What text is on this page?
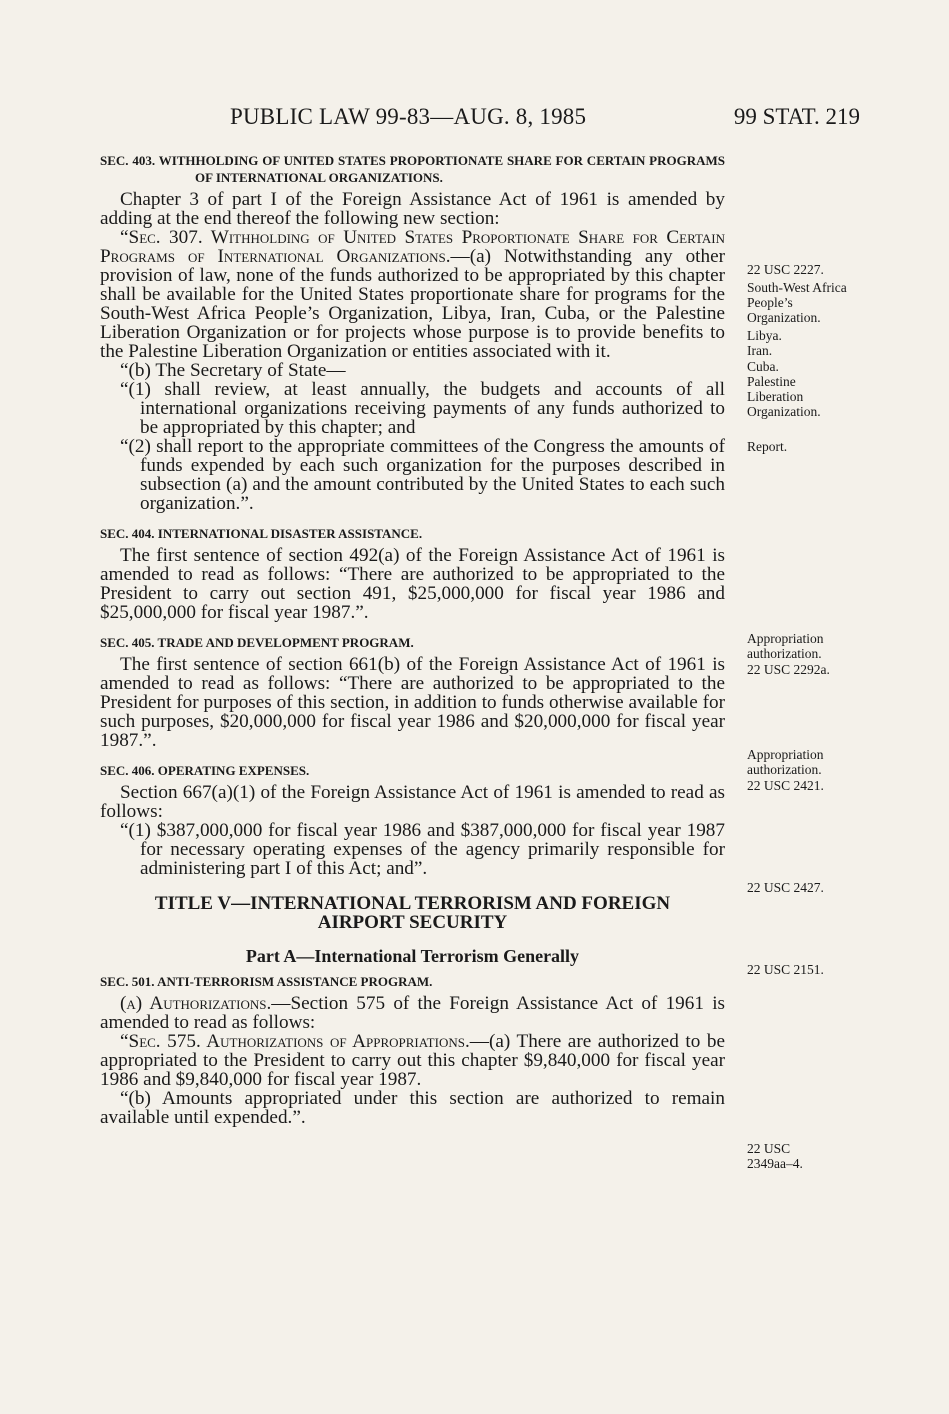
PUBLIC LAW 99-83—AUG. 8, 1985	99 STAT. 219

SEC. 403. WITHHOLDING OF UNITED STATES PROPORTIONATE SHARE FOR CERTAIN PROGRAMS OF INTERNATIONAL ORGANIZATIONS.

Chapter 3 of part I of the Foreign Assistance Act of 1961 is amended by adding at the end thereof the following new section:

“Sec. 307. Withholding of United States Proportionate Share for Certain Programs of International Organizations.—(a) Notwithstanding any other provision of law, none of the funds authorized to be appropriated by this chapter shall be available for the United States proportionate share for programs for the South-West Africa People’s Organization, Libya, Iran, Cuba, or the Palestine Liberation Organization or for projects whose purpose is to provide benefits to the Palestine Liberation Organization or entities associated with it.

“(b) The Secretary of State—

“(1) shall review, at least annually, the budgets and accounts of all international organizations receiving payments of any funds authorized to be appropriated by this chapter; and

“(2) shall report to the appropriate committees of the Congress the amounts of funds expended by each such organization for the purposes described in subsection (a) and the amount contributed by the United States to each such organization.”.

SEC. 404. INTERNATIONAL DISASTER ASSISTANCE.

The first sentence of section 492(a) of the Foreign Assistance Act of 1961 is amended to read as follows: “There are authorized to be appropriated to the President to carry out section 491, $25,000,000 for fiscal year 1986 and $25,000,000 for fiscal year 1987.”.

SEC. 405. TRADE AND DEVELOPMENT PROGRAM.

The first sentence of section 661(b) of the Foreign Assistance Act of 1961 is amended to read as follows: “There are authorized to be appropriated to the President for purposes of this section, in addition to funds otherwise available for such purposes, $20,000,000 for fiscal year 1986 and $20,000,000 for fiscal year 1987.”.

SEC. 406. OPERATING EXPENSES.

Section 667(a)(1) of the Foreign Assistance Act of 1961 is amended to read as follows:

“(1) $387,000,000 for fiscal year 1986 and $387,000,000 for fiscal year 1987 for necessary operating expenses of the agency primarily responsible for administering part I of this Act; and”.

TITLE V—INTERNATIONAL TERRORISM AND FOREIGN

AIRPORT SECURITY

Part A—International Terrorism Generally

SEC. 501. ANTI-TERRORISM ASSISTANCE PROGRAM.

(a) Authorizations.—Section 575 of the Foreign Assistance Act of 1961 is amended to read as follows:

“Sec. 575. Authorizations of Appropriations.—(a) There are authorized to be appropriated to the President to carry out this chapter $9,840,000 for fiscal year 1986 and $9,840,000 for fiscal year 1987.

“(b) Amounts appropriated under this section are authorized to remain available until expended.”.

22 USC 2227.

South-West Africa People’s Organization.

Libya.

Iran.

Cuba.

Palestine Liberation Organization.

Report.

Appropriation authorization.

22 USC 2292a.

Appropriation authorization.

22 USC 2421.

22 USC 2427.

22 USC 2151.

22 USC 2349aa–4.
